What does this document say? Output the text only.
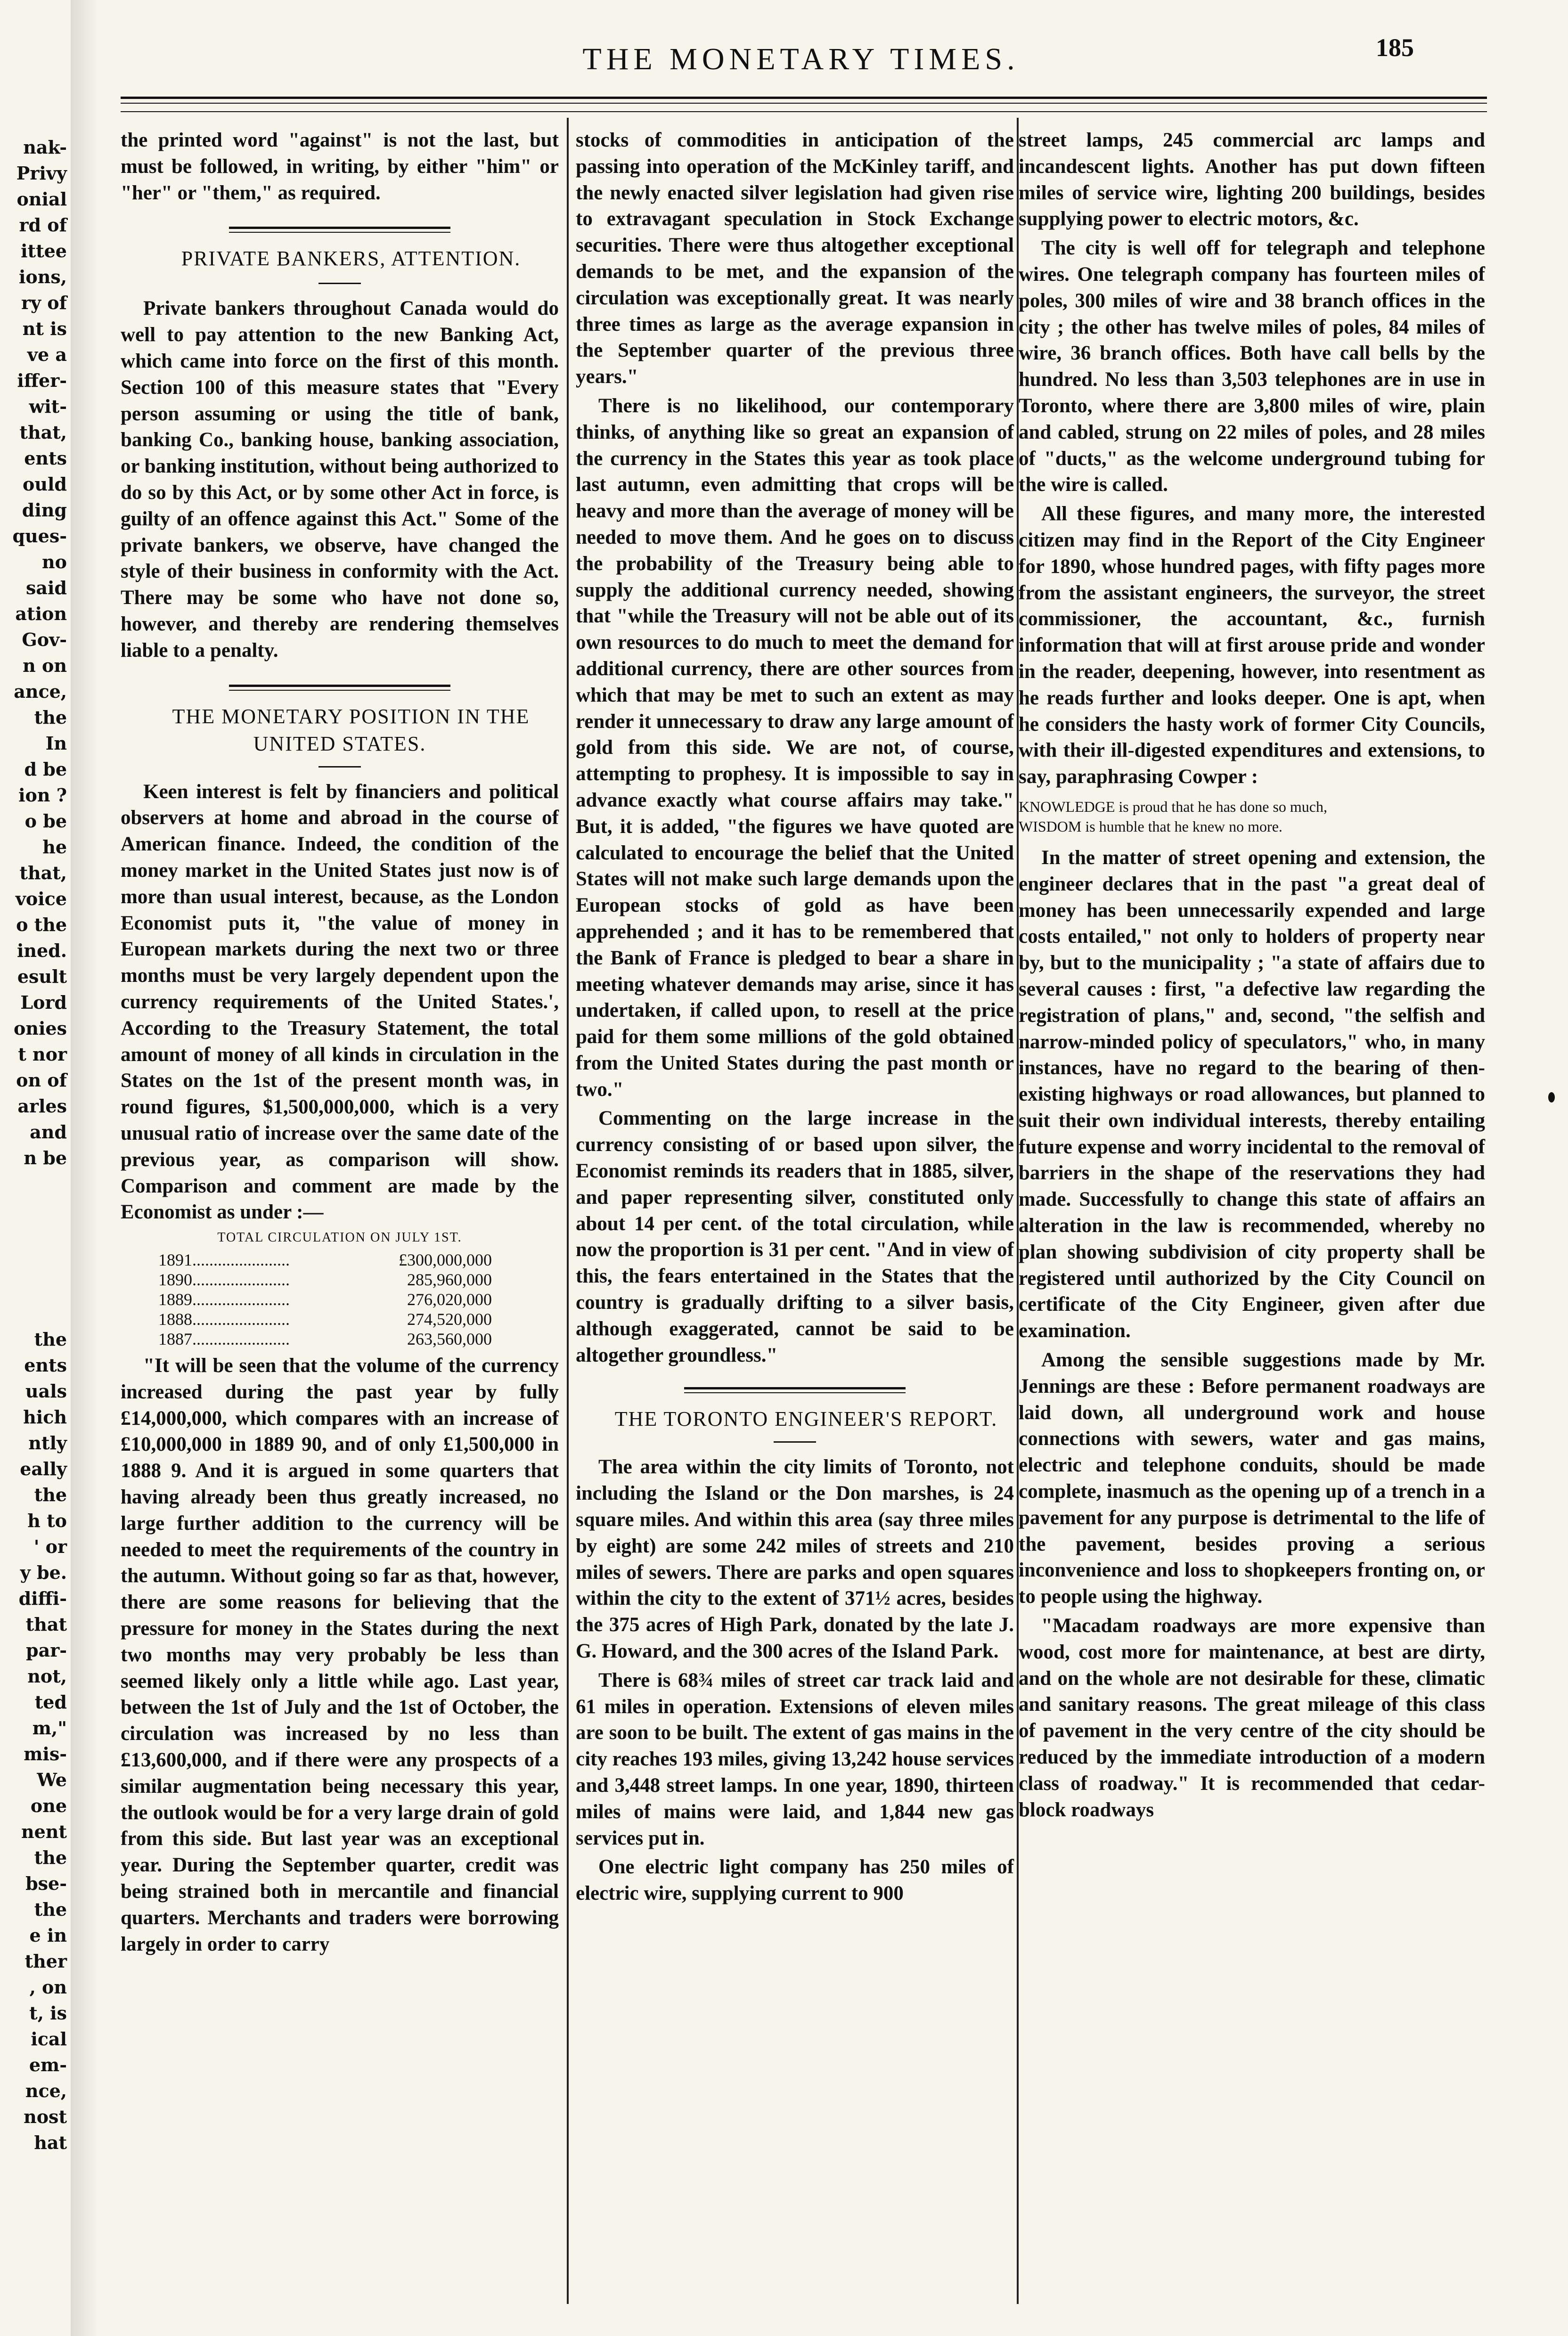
nak-
Privy
onial
rd of
ittee
ions,
ry of
nt is
ve a
iffer-
wit-
that,
ents
ould
ding
ques-
no
said
ation
Gov-
n on
ance,
the
In
d be
ion ?
o be
he
that,
voice
o the
ined.
esult
Lord
onies
t nor
on of
arles
and
n be
the
ents
uals
hich
ntly
eally
the
h to
' or
y be.
diffi-
that
par-
not,
ted
m,"
mis-
We
one
nent
the
bse-
the
e in
ther
, on
t, is
ical
em-
nce,
nost
hat
THE MONETARY TIMES.	185

the printed word "against" is not the last, but must be followed, in writing, by either "him" or "her" or "them," as required.

PRIVATE BANKERS, ATTENTION.

Private bankers throughout Canada would do well to pay attention to the new Banking Act, which came into force on the first of this month. Section 100 of this measure states that "Every person assuming or using the title of bank, banking Co., banking house, banking association, or banking institution, without being authorized to do so by this Act, or by some other Act in force, is guilty of an offence against this Act." Some of the private bankers, we observe, have changed the style of their business in conformity with the Act. There may be some who have not done so, however, and thereby are rendering themselves liable to a penalty.

THE MONETARY POSITION IN THE UNITED STATES.

Keen interest is felt by financiers and political observers at home and abroad in the course of American finance. Indeed, the condition of the money market in the United States just now is of more than usual interest, because, as the London Economist puts it, "the value of money in European markets during the next two or three months must be very largely dependent upon the currency requirements of the United States.', According to the Treasury Statement, the total amount of money of all kinds in circulation in the States on the 1st of the present month was, in round figures, $1,500,000,000, which is a very unusual ratio of increase over the same date of the previous year, as comparison will show. Comparison and comment are made by the Economist as under :—

TOTAL CIRCULATION ON JULY 1ST.
1891.......................	£300,000,000
1890.......................	285,960,000
1889.......................	276,020,000
1888.......................	274,520,000
1887.......................	263,560,000

"It will be seen that the volume of the currency increased during the past year by fully £14,000,000, which compares with an increase of £10,000,000 in 1889 90, and of only £1,500,000 in 1888 9. And it is argued in some quarters that having already been thus greatly increased, no large further addition to the currency will be needed to meet the requirements of the country in the autumn. Without going so far as that, however, there are some reasons for believing that the pressure for money in the States during the next two months may very probably be less than seemed likely only a little while ago. Last year, between the 1st of July and the 1st of October, the circulation was increased by no less than £13,600,000, and if there were any prospects of a similar augmentation being necessary this year, the outlook would be for a very large drain of gold from this side. But last year was an exceptional year. During the September quarter, credit was being strained both in mercantile and financial quarters. Merchants and traders were borrowing largely in order to carry

stocks of commodities in anticipation of the passing into operation of the McKinley tariff, and the newly enacted silver legislation had given rise to extravagant speculation in Stock Exchange securities. There were thus altogether exceptional demands to be met, and the expansion of the circulation was exceptionally great. It was nearly three times as large as the average expansion in the September quarter of the previous three years."

There is no likelihood, our contemporary thinks, of anything like so great an expansion of the currency in the States this year as took place last autumn, even admitting that crops will be heavy and more than the average of money will be needed to move them. And he goes on to discuss the probability of the Treasury being able to supply the additional currency needed, showing that "while the Treasury will not be able out of its own resources to do much to meet the demand for additional currency, there are other sources from which that may be met to such an extent as may render it unnecessary to draw any large amount of gold from this side. We are not, of course, attempting to prophesy. It is impossible to say in advance exactly what course affairs may take." But, it is added, "the figures we have quoted are calculated to encourage the belief that the United States will not make such large demands upon the European stocks of gold as have been apprehended ; and it has to be remembered that the Bank of France is pledged to bear a share in meeting whatever demands may arise, since it has undertaken, if called upon, to resell at the price paid for them some millions of the gold obtained from the United States during the past month or two."

Commenting on the large increase in the currency consisting of or based upon silver, the Economist reminds its readers that in 1885, silver, and paper representing silver, constituted only about 14 per cent. of the total circulation, while now the proportion is 31 per cent. "And in view of this, the fears entertained in the States that the country is gradually drifting to a silver basis, although exaggerated, cannot be said to be altogether groundless."

THE TORONTO ENGINEER'S REPORT.

The area within the city limits of Toronto, not including the Island or the Don marshes, is 24 square miles. And within this area (say three miles by eight) are some 242 miles of streets and 210 miles of sewers. There are parks and open squares within the city to the extent of 371½ acres, besides the 375 acres of High Park, donated by the late J. G. Howard, and the 300 acres of the Island Park.

There is 68¾ miles of street car track laid and 61 miles in operation. Extensions of eleven miles are soon to be built. The extent of gas mains in the city reaches 193 miles, giving 13,242 house services and 3,448 street lamps. In one year, 1890, thirteen miles of mains were laid, and 1,844 new gas services put in.

One electric light company has 250 miles of electric wire, supplying current to 900

street lamps, 245 commercial arc lamps and incandescent lights. Another has put down fifteen miles of service wire, lighting 200 buildings, besides supplying power to electric motors, &c.

The city is well off for telegraph and telephone wires. One telegraph company has fourteen miles of poles, 300 miles of wire and 38 branch offices in the city ; the other has twelve miles of poles, 84 miles of wire, 36 branch offices. Both have call bells by the hundred. No less than 3,503 telephones are in use in Toronto, where there are 3,800 miles of wire, plain and cabled, strung on 22 miles of poles, and 28 miles of "ducts," as the welcome underground tubing for the wire is called.

All these figures, and many more, the interested citizen may find in the Report of the City Engineer for 1890, whose hundred pages, with fifty pages more from the assistant engineers, the surveyor, the street commissioner, the accountant, &c., furnish information that will at first arouse pride and wonder in the reader, deepening, however, into resentment as he reads further and looks deeper. One is apt, when he considers the hasty work of former City Councils, with their ill-digested expenditures and extensions, to say, paraphrasing Cowper :

KNOWLEDGE is proud that he has done so much,
WISDOM is humble that he knew no more.

In the matter of street opening and extension, the engineer declares that in the past "a great deal of money has been unnecessarily expended and large costs entailed," not only to holders of property near by, but to the municipality ; "a state of affairs due to several causes : first, "a defective law regarding the registration of plans," and, second, "the selfish and narrow-minded policy of speculators," who, in many instances, have no regard to the bearing of then-existing highways or road allowances, but planned to suit their own individual interests, thereby entailing future expense and worry incidental to the removal of barriers in the shape of the reservations they had made. Successfully to change this state of affairs an alteration in the law is recommended, whereby no plan showing subdivision of city property shall be registered until authorized by the City Council on certificate of the City Engineer, given after due examination.

Among the sensible suggestions made by Mr. Jennings are these : Before permanent roadways are laid down, all underground work and house connections with sewers, water and gas mains, electric and telephone conduits, should be made complete, inasmuch as the opening up of a trench in a pavement for any purpose is detrimental to the life of the pavement, besides proving a serious inconvenience and loss to shopkeepers fronting on, or to people using the highway.

"Macadam roadways are more expensive than wood, cost more for maintenance, at best are dirty, and on the whole are not desirable for these, climatic and sanitary reasons. The great mileage of this class of pavement in the very centre of the city should be reduced by the immediate introduction of a modern class of roadway." It is recommended that cedar-block roadways
